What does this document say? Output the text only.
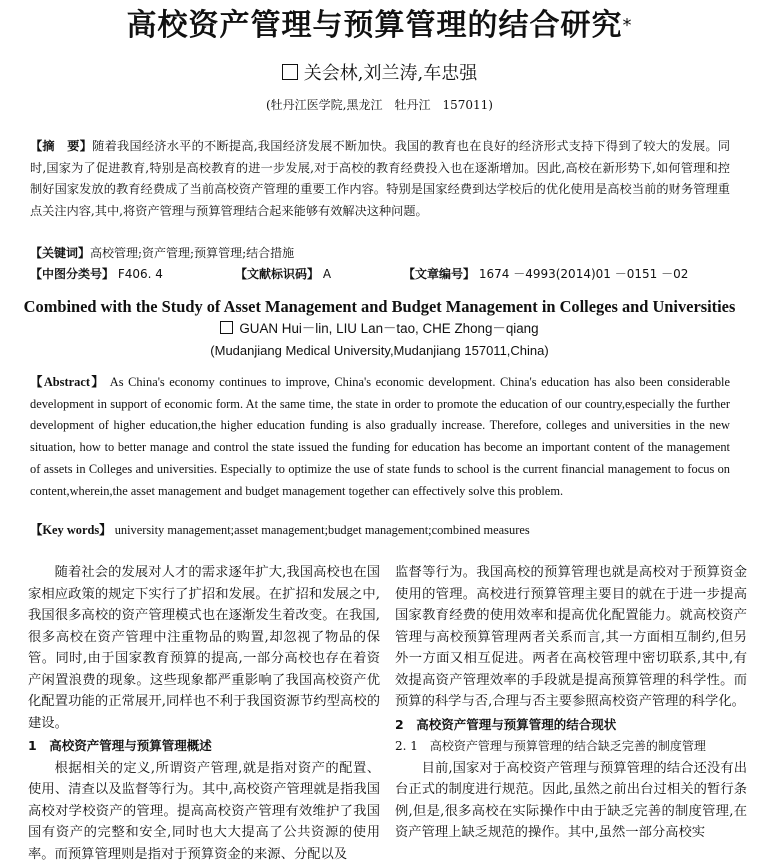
高校资产管理与预算管理的结合研究*
关会林,刘兰涛,车忠强
(牡丹江医学院,黑龙江　牡丹江　157011)
【摘　要】随着我国经济水平的不断提高,我国经济发展不断加快。我国的教育也在良好的经济形式支持下得到了较大的发展。同时,国家为了促进教育,特别是高校教育的进一步发展,对于高校的教育经费投入也在逐渐增加。因此,高校在新形势下,如何管理和控制好国家发放的教育经费成了当前高校资产管理的重要工作内容。特别是国家经费到达学校后的优化使用是高校当前的财务管理重点关注内容,其中,将资产管理与预算管理结合起来能够有效解决这种问题。
【关键词】高校管理;资产管理;预算管理;结合措施
【中图分类号】 F406. 4	【文献标识码】 A	【文章编号】 1674 －4993(2014)01 －0151 －02
Combined with the Study of Asset Management and Budget Management in Colleges and Universities
GUAN Hui－lin, LIU Lan－tao, CHE Zhong－qiang
(Mudanjiang Medical University,Mudanjiang 157011,China)
【Abstract】 As China's economy continues to improve, China's economic development. China's education has also been considerable development in support of economic form. At the same time, the state in order to promote the education of our country,especially the further development of higher education,the higher education funding is also gradually increase. Therefore, colleges and universities in the new situation, how to better manage and control the state issued the funding for education has become an important content of the management of assets in Colleges and universities. Especially to optimize the use of state funds to school is the current financial management to focus on content,wherein,the asset management and budget management together can effectively solve this problem.
【Key words】 university management;asset management;budget management;combined measures

随着社会的发展对人才的需求逐年扩大,我国高校也在国家相应政策的规定下实行了扩招和发展。在扩招和发展之中,我国很多高校的资产管理模式也在逐渐发生着改变。在我国,很多高校在资产管理中注重物品的购置,却忽视了物品的保管。同时,由于国家教育预算的提高,一部分高校也存在着资产闲置浪费的现象。这些现象都严重影响了我国高校资产优化配置功能的正常展开,同样也不利于我国资源节约型高校的建设。

1　高校资产管理与预算管理概述

根据相关的定义,所谓资产管理,就是指对资产的配置、使用、清查以及监督等行为。其中,高校资产管理就是指我国高校对学校资产的管理。提高高校资产管理有效维护了我国国有资产的完整和安全,同时也大大提高了公共资源的使用率。而预算管理则是指对于预算资金的来源、分配以及

监督等行为。我国高校的预算管理也就是高校对于预算资金使用的管理。高校进行预算管理主要目的就在于进一步提高国家教育经费的使用效率和提高优化配置能力。就高校资产管理与高校预算管理两者关系而言,其一方面相互制约,但另外一方面又相互促进。两者在高校管理中密切联系,其中,有效提高资产管理效率的手段就是提高预算管理的科学性。而预算的科学与否,合理与否主要参照高校资产管理的科学化。

2　高校资产管理与预算管理的结合现状

2. 1　高校资产管理与预算管理的结合缺乏完善的制度管理

目前,国家对于高校资产管理与预算管理的结合还没有出台正式的制度进行规范。因此,虽然之前出台过相关的暂行条例,但是,很多高校在实际操作中由于缺乏完善的制度管理,在资产管理上缺乏规范的操作。其中,虽然一部分高校实
